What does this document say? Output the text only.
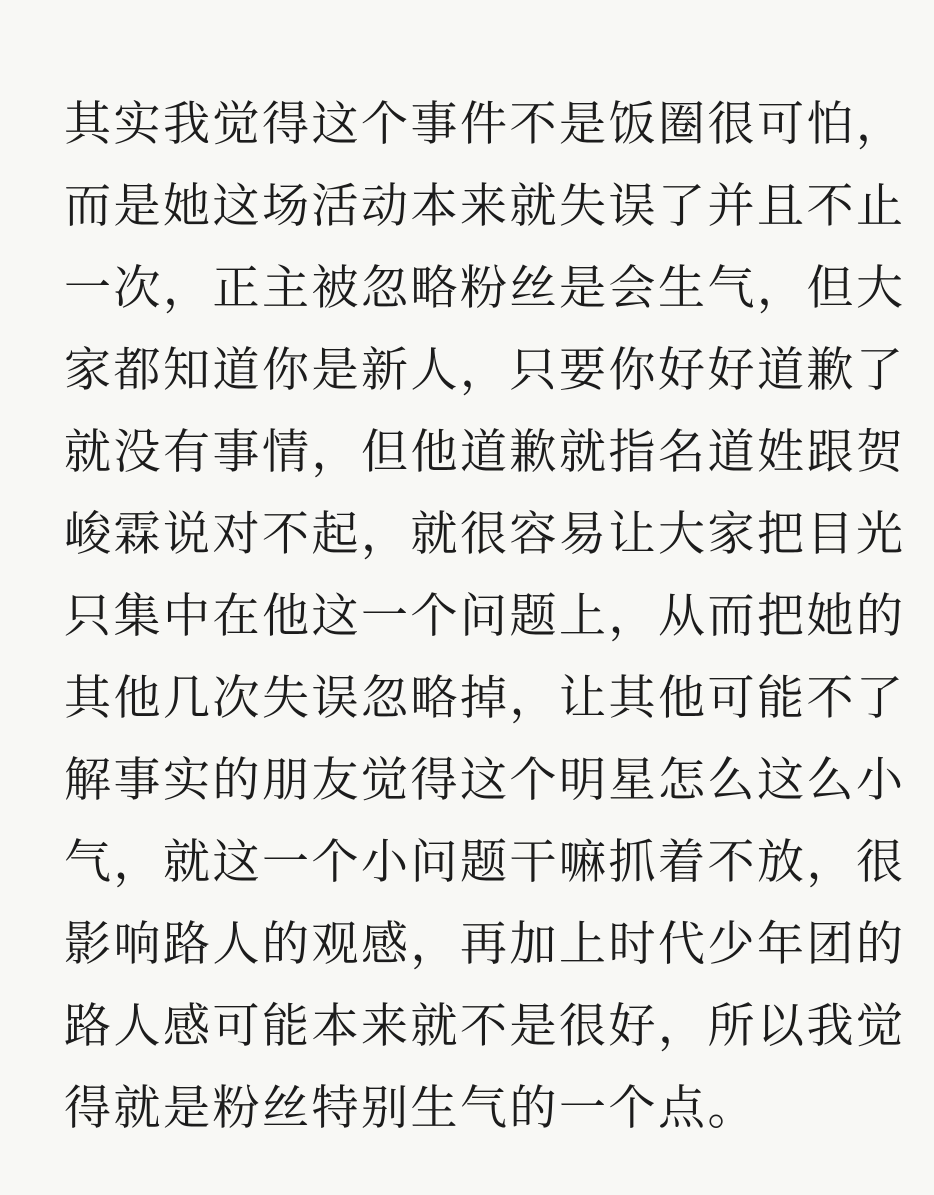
其实我觉得这个事件不是饭圈很可怕，
而是她这场活动本来就失误了并且不止
一次，正主被忽略粉丝是会生气，但大
家都知道你是新人，只要你好好道歉了
就没有事情，但他道歉就指名道姓跟贺
峻霖说对不起，就很容易让大家把目光
只集中在他这一个问题上，从而把她的
其他几次失误忽略掉，让其他可能不了
解事实的朋友觉得这个明星怎么这么小
气，就这一个小问题干嘛抓着不放，很
影响路人的观感，再加上时代少年团的
路人感可能本来就不是很好，所以我觉
得就是粉丝特别生气的一个点。
